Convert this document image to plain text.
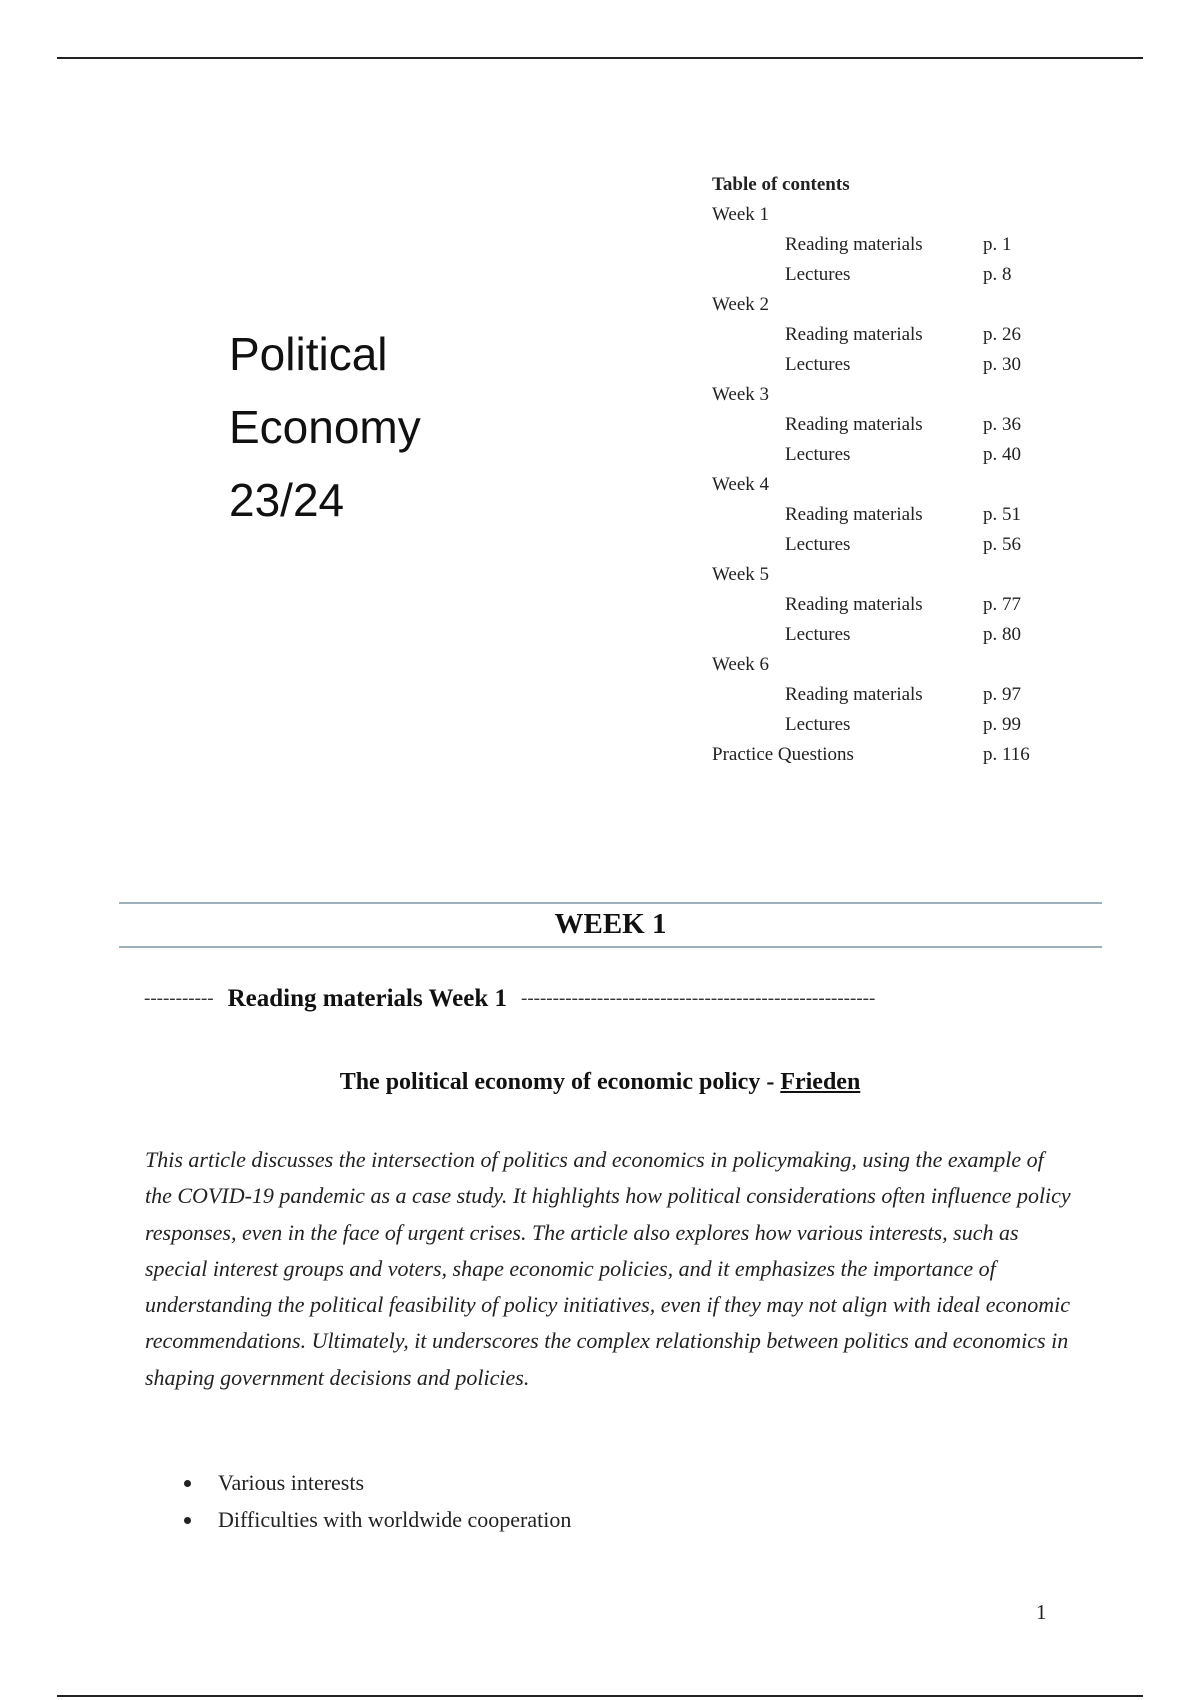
Political
Economy
23/24
Table of contents
Week 1
Reading materials	p. 1
Lectures	p. 8
Week 2
Reading materials	p. 26
Lectures	p. 30
Week 3
Reading materials	p. 36
Lectures	p. 40
Week 4
Reading materials	p. 51
Lectures	p. 56
Week 5
Reading materials	p. 77
Lectures	p. 80
Week 6
Reading materials	p. 97
Lectures	p. 99
Practice Questions	p. 116
WEEK 1
----------- Reading materials Week 1 --------------------------------------------------------
The political economy of economic policy - Frieden

This article discusses the intersection of politics and economics in policymaking, using the example of the COVID-19 pandemic as a case study. It highlights how political considerations often influence policy responses, even in the face of urgent crises. The article also explores how various interests, such as special interest groups and voters, shape economic policies, and it emphasizes the importance of understanding the political feasibility of policy initiatives, even if they may not align with ideal economic recommendations. Ultimately, it underscores the complex relationship between politics and economics in shaping government decisions and policies.

Various interests
Difficulties with worldwide cooperation
1
